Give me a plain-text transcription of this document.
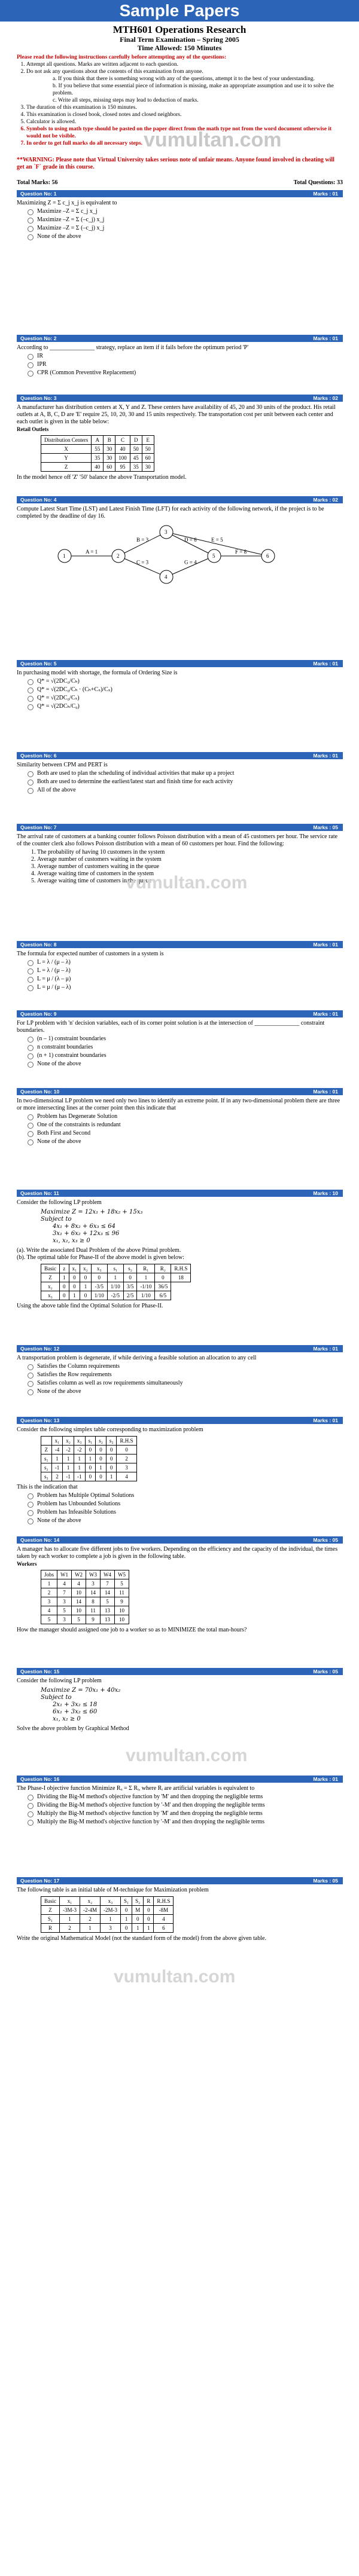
Sample Papers
MTH601 Operations Research
Final Term Examination – Spring 2005
Time Allowed: 150 Minutes
Please read the following instructions carefully before attempting any of the questions:
1. Attempt all questions. Marks are written adjacent to each question.
2. Do not ask any questions about the contents of this examination from anyone.
a. If you think that there is something wrong with any of the questions, attempt it to the best of your understanding.
b. If you believe that some essential piece of information is missing, make an appropriate assumption and use it to solve the problem.
c. Write all steps, missing steps may lead to deduction of marks.
3. The duration of this examination is 150 minutes.
4. This examination is closed book, closed notes and closed neighbors.
5. Calculator is allowed.
6. Symbols to using math type should be pasted on the paper direct from the math type not from the word document otherwise it would not be visible.
7. In order to get full marks do all necessary steps. vumultan.com
**WARNING: Please note that Virtual University takes serious note of unfair means. Anyone found involved in cheating will get an `F` grade in this course.
Total Marks: 56	Total Questions: 33
Question No: 1	Marks : 01
Maximizing Z = Σ c_j x_j is equivalent to
Maximize –Z = Σ c_j x_j
Maximize –Z = Σ (–c_j) x_j
Maximize –Z = Σ (–c_j) x_j
None of the above
Question No: 2	Marks : 01
According to _______________ strategy, replace an item if it fails before the optimum period 'P'
IR
IPR
CPR (Common Preventive Replacement)
Question No: 3	Marks : 02
A manufacturer has distribution centers at X, Y and Z. These centers have availability of 45, 20 and 30 units of the product. His retail outlets at A, B, C, D are 'E' require 25, 10, 20, 30 and 15 units respectively. The transportation cost per unit between each center and each outlet is given in the table below:
Retail Outlets
Distribution Centers	A	B	C	D	E
X	55	30	40	50	50
Y	35	30	100	45	60
Z	40	60	95	35	30
In the model hence off 'Z' '50' balance the above Transportation model.
Question No: 4	Marks : 02
Compute Latest Start Time (LST) and Latest Finish Time (LFT) for each activity of the following network, if the project is to be completed by the deadline of day 16.
A = 1
B = 3
C = 3
D = 6
G = 4
E = 5
F = 8
1	2
3
4
5	6
Question No: 5	Marks : 01
In purchasing model with shortage, the formula of Ordering Size is
Q* = √(2DC₀/Cₕ)
Q* = √(2DC₀/Cₕ · (Cₕ+Cₛ)/Cₛ)
Q* = √(2DC₀/Cₛ)
Q* = √(2DCₕ/C₀)
Question No: 6	Marks : 01
Similarity between CPM and PERT is
Both are used to plan the scheduling of individual activities that make up a project
Both are used to determine the earliest/latest start and finish time for each activity
All of the above
Question No: 7	Marks : 05
The arrival rate of customers at a banking counter follows Poisson distribution with a mean of 45 customers per hour. The service rate of the counter clerk also follows Poisson distribution with a mean of 60 customers per hour. Find the following:
1. The probability of having 10 customers in the system
2. Average number of customers waiting in the system
3. Average number of customers waiting in the queue
4. Average waiting time of customers in the system
5. Average waiting time of customers in the queue
Question No: 8	Marks : 01
The formula for expected number of customers in a system is
L = λ / (μ – λ)
L = λ / (μ – λ)
L = μ / (λ – μ)
L = μ / (μ – λ)
Question No: 9	Marks : 01
For LP problem with 'n' decision variables, each of its corner point solution is at the intersection of _______________ constraint boundaries.
(n – 1) constraint boundaries
n constraint boundaries
(n + 1) constraint boundaries
None of the above
Question No: 10	Marks : 01
In two-dimensional LP problem we need only two lines to identify an extreme point. If in any two-dimensional problem there are three or more intersecting lines at the corner point then this indicate that
Problem has Degenerate Solution
One of the constraints is redundant
Both First and Second
None of the above
Question No: 11	Marks : 10
Consider the following LP problem
Maximize Z = 12x₁ + 18x₂ + 15x₃
Subject to
4x₁ + 8x₂ + 6x₃ ≤ 64
3x₁ + 6x₂ + 12x₃ ≤ 96
x₁, x₂, x₃ ≥ 0
(a). Write the associated Dual Problem of the above Primal problem.
(b). The optimal table for Phase-II of the above model is given below:
Basic	z	x₁	x₂	x₃	s₁	s₂	R₁	R₂	R.H.S
Z	1	0	0	0	1	0	1	0	18
x₂	0	0	1	-3/5	1/10	3/5	-1/10	36/5	
x₃	0	1	0	1/10	-2/5	2/5	1/10	6/5	
Using the above table find the Optimal Solution for Phase-II.
Question No: 12	Marks : 01
A transportation problem is degenerate, if while deriving a feasible solution an allocation to any cell
Satisfies the Column requirements
Satisfies the Row requirements
Satisfies column as well as row requirements simultaneously
None of the above
Question No: 13	Marks : 01
Consider the following simplex table corresponding to maximization problem
	x₁	x₂	x₃	s₁	s₂	s₃	R.H.S
Z	-4	-2	-2	0	0	0	0
s₁	1	1	1	1	0	0	2
s₂	-1	1	1	0	1	0	3
s₃	2	-1	-1	0	0	1	4
This is the indication that
Problem has Multiple Optimal Solutions
Problem has Unbounded Solutions
Problem has Infeasible Solutions
None of the above
Question No: 14	Marks : 05
A manager has to allocate five different jobs to five workers. Depending on the efficiency and the capacity of the individual, the times taken by each worker to complete a job is given in the following table.
Workers
Jobs	W1	W2	W3	W4	W5
1	4	4	3	7	5
2	7	10	14	14	11
3	3	14	8	5	9
4	5	10	11	13	10
5	3	5	9	13	10
How the manager should assigned one job to a worker so as to MINIMIZE the total man-hours?
Question No: 15	Marks : 05
Consider the following LP problem
Maximize Z = 70x₁ + 40x₂
Subject to
2x₁ + 3x₂ ≤ 18
6x₁ + 3x₂ ≤ 60
x₁, x₂ ≥ 0
Solve the above problem by Graphical Method
Question No: 16	Marks : 01
The Phase-I objective function Minimize Rₒ = Σ Rᵢ, where Rᵢ are artificial variables is equivalent to
Dividing the Big-M method's objective function by 'M' and then dropping the negligible terms
Dividing the Big-M method's objective function by '-M' and then dropping the negligible terms
Multiply the Big-M method's objective function by 'M' and then dropping the negligible terms
Multiply the Big-M method's objective function by '-M' and then dropping the negligible terms
Question No: 17	Marks : 05
The following table is an initial table of M-technique for Maximization problem
Basic	x₁	x₂	x₃	S₁	S₂	R	R.H.S
Z	-3M-3	-2-4M	-2M-3	0	M	0	-8M
S₁	1	2	1	1	0	0	4
R	2	1	3	0	1	1	6
Write the original Mathematical Model (not the standard form of the model) from the above given table.
vumultan.com
vumultan.com
vumultan.com
